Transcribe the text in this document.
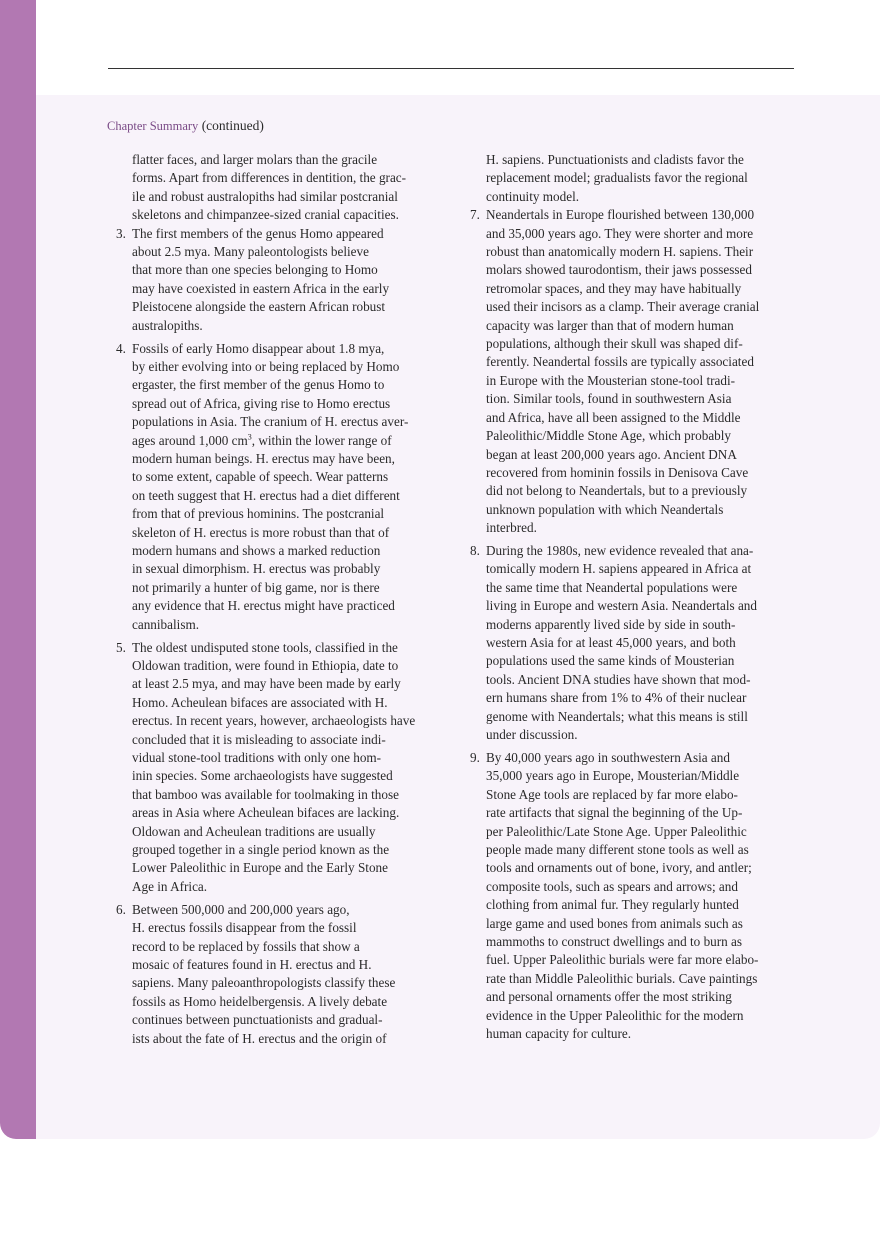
Chapter Summary (continued)

flatter faces, and larger molars than the gracile
forms. Apart from differences in dentition, the grac-
ile and robust australopiths had similar postcranial
skeletons and chimpanzee-sized cranial capacities.

3. The first members of the genus Homo appeared
about 2.5 mya. Many paleontologists believe
that more than one species belonging to Homo
may have coexisted in eastern Africa in the early
Pleistocene alongside the eastern African robust
australopiths.

4. Fossils of early Homo disappear about 1.8 mya,
by either evolving into or being replaced by Homo
ergaster, the first member of the genus Homo to
spread out of Africa, giving rise to Homo erectus
populations in Asia. The cranium of H. erectus aver-
ages around 1,000 $cm^3$, within the lower range of
modern human beings. H. erectus may have been,
to some extent, capable of speech. Wear patterns
on teeth suggest that H. erectus had a diet different
from that of previous hominins. The postcranial
skeleton of H. erectus is more robust than that of
modern humans and shows a marked reduction
in sexual dimorphism. H. erectus was probably
not primarily a hunter of big game, nor is there
any evidence that H. erectus might have practiced
cannibalism.

5. The oldest undisputed stone tools, classified in the
Oldowan tradition, were found in Ethiopia, date to
at least 2.5 mya, and may have been made by early
Homo. Acheulean bifaces are associated with H.
erectus. In recent years, however, archaeologists have
concluded that it is misleading to associate indi-
vidual stone-tool traditions with only one hom-
inin species. Some archaeologists have suggested
that bamboo was available for toolmaking in those
areas in Asia where Acheulean bifaces are lacking.
Oldowan and Acheulean traditions are usually
grouped together in a single period known as the
Lower Paleolithic in Europe and the Early Stone
Age in Africa.

6. Between 500,000 and 200,000 years ago,
H. erectus fossils disappear from the fossil
record to be replaced by fossils that show a
mosaic of features found in H. erectus and H.
sapiens. Many paleoanthropologists classify these
fossils as Homo heidelbergensis. A lively debate
continues between punctuationists and gradual-
ists about the fate of H. erectus and the origin of

H. sapiens. Punctuationists and cladists favor the
replacement model; gradualists favor the regional
continuity model.

7. Neandertals in Europe flourished between 130,000
and 35,000 years ago. They were shorter and more
robust than anatomically modern H. sapiens. Their
molars showed taurodontism, their jaws possessed
retromolar spaces, and they may have habitually
used their incisors as a clamp. Their average cranial
capacity was larger than that of modern human
populations, although their skull was shaped dif-
ferently. Neandertal fossils are typically associated
in Europe with the Mousterian stone-tool tradi-
tion. Similar tools, found in southwestern Asia
and Africa, have all been assigned to the Middle
Paleolithic/Middle Stone Age, which probably
began at least 200,000 years ago. Ancient DNA
recovered from hominin fossils in Denisova Cave
did not belong to Neandertals, but to a previously
unknown population with which Neandertals
interbred.

8. During the 1980s, new evidence revealed that ana-
tomically modern H. sapiens appeared in Africa at
the same time that Neandertal populations were
living in Europe and western Asia. Neandertals and
moderns apparently lived side by side in south-
western Asia for at least 45,000 years, and both
populations used the same kinds of Mousterian
tools. Ancient DNA studies have shown that mod-
ern humans share from 1% to 4% of their nuclear
genome with Neandertals; what this means is still
under discussion.

9. By 40,000 years ago in southwestern Asia and
35,000 years ago in Europe, Mousterian/Middle
Stone Age tools are replaced by far more elabo-
rate artifacts that signal the beginning of the Up-
per Paleolithic/Late Stone Age. Upper Paleolithic
people made many different stone tools as well as
tools and ornaments out of bone, ivory, and antler;
composite tools, such as spears and arrows; and
clothing from animal fur. They regularly hunted
large game and used bones from animals such as
mammoths to construct dwellings and to burn as
fuel. Upper Paleolithic burials were far more elabo-
rate than Middle Paleolithic burials. Cave paintings
and personal ornaments offer the most striking
evidence in the Upper Paleolithic for the modern
human capacity for culture.
